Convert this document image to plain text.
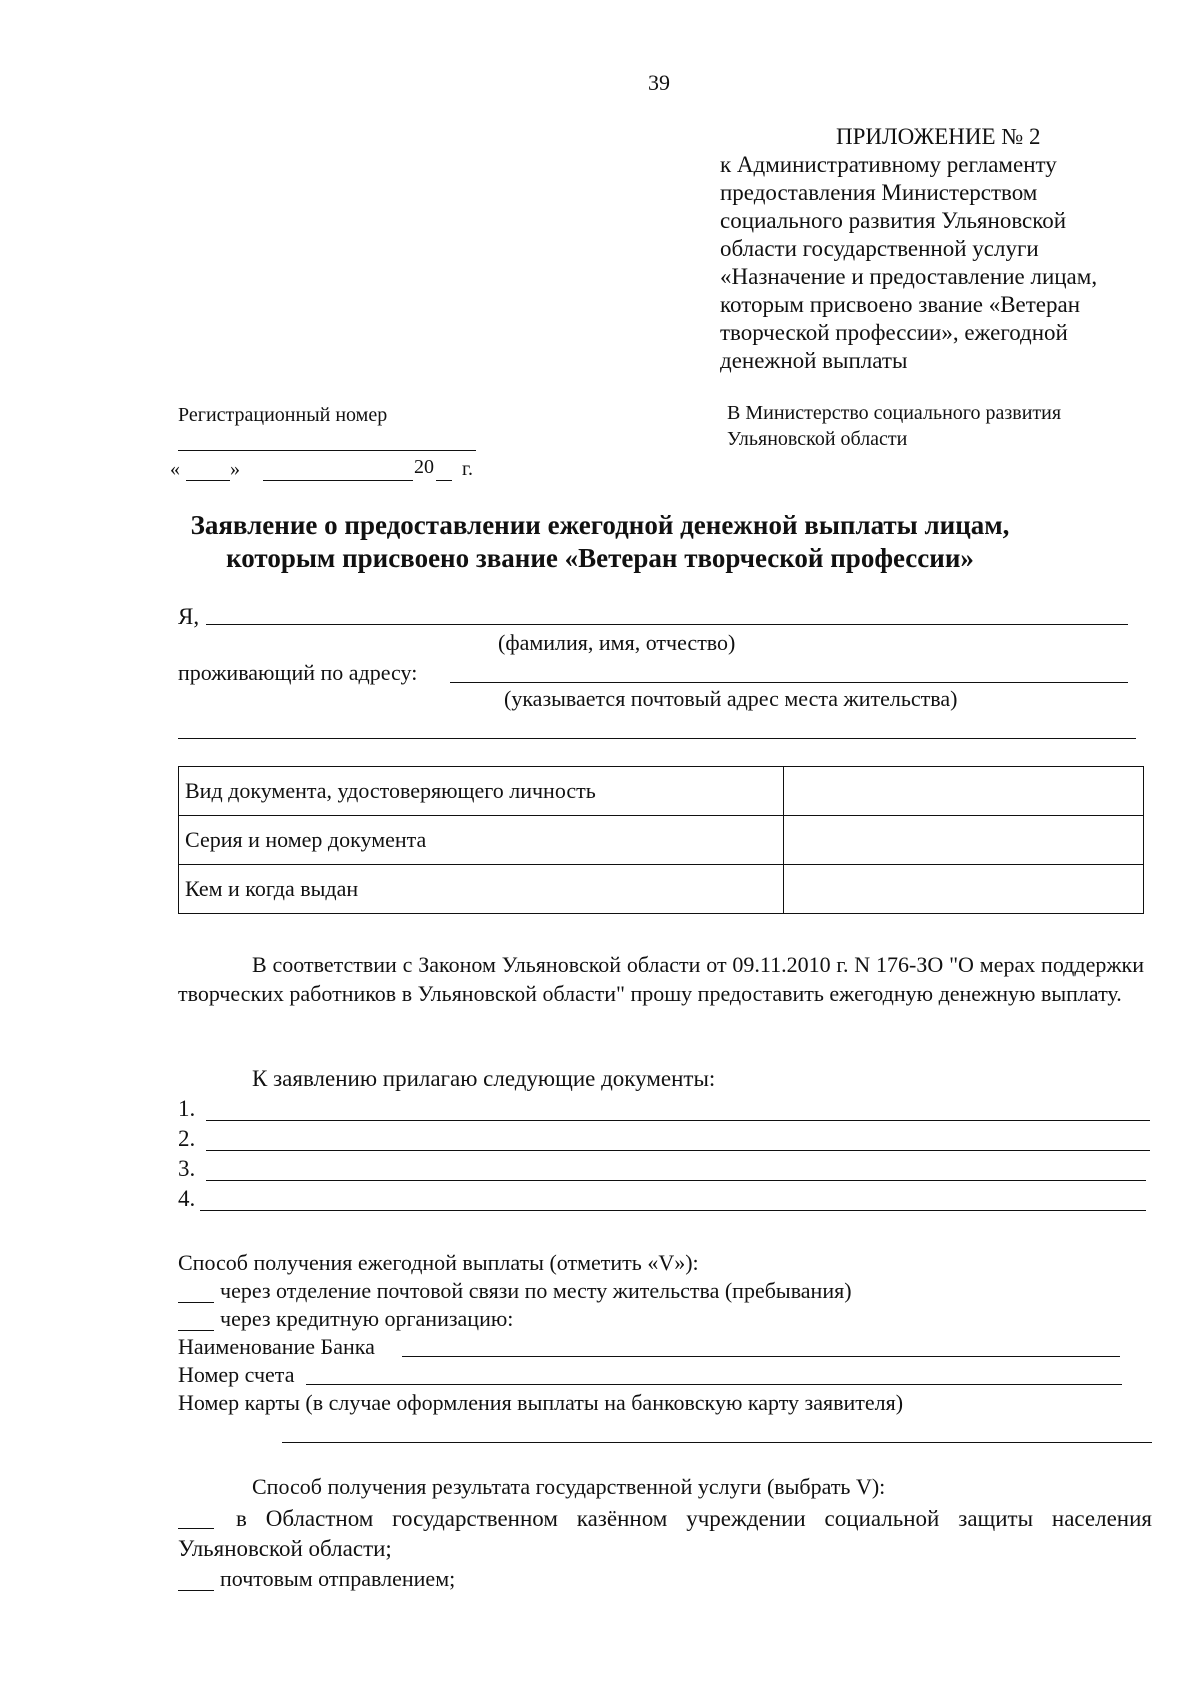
39
ПРИЛОЖЕНИЕ № 2
к Административному регламенту
предоставления Министерством
социального развития Ульяновской
области государственной услуги
«Назначение и предоставление лицам,
которым присвоено звание «Ветеран
творческой профессии», ежегодной
денежной выплаты
Регистрационный номер
«	»	20 г.
В Министерство социального развития
Ульяновской области
Заявление о предоставлении ежегодной денежной выплаты лицам,
которым присвоено звание «Ветеран творческой профессии»
Я,
(фамилия, имя, отчество)
проживающий по адресу:
(указывается почтовый адрес места жительства)
Вид документа, удостоверяющего личность	
Серия и номер документа	
Кем и когда выдан	
В соответствии с Законом Ульяновской области от 09.11.2010 г. N 176-ЗО "О мерах поддержки творческих работников в Ульяновской области" прошу предоставить ежегодную денежную выплату.
К заявлению прилагаю следующие документы:
1.
2.
3.
4.
Способ получения ежегодной выплаты (отметить «V»):
через отделение почтовой связи по месту жительства (пребывания)
через кредитную организацию:
Наименование Банка
Номер счета
Номер карты (в случае оформления выплаты на банковскую карту заявителя)
Способ получения результата государственной услуги (выбрать V):
в Областном государственном казённом учреждении социальной защиты населения Ульяновской области;
почтовым отправлением;
